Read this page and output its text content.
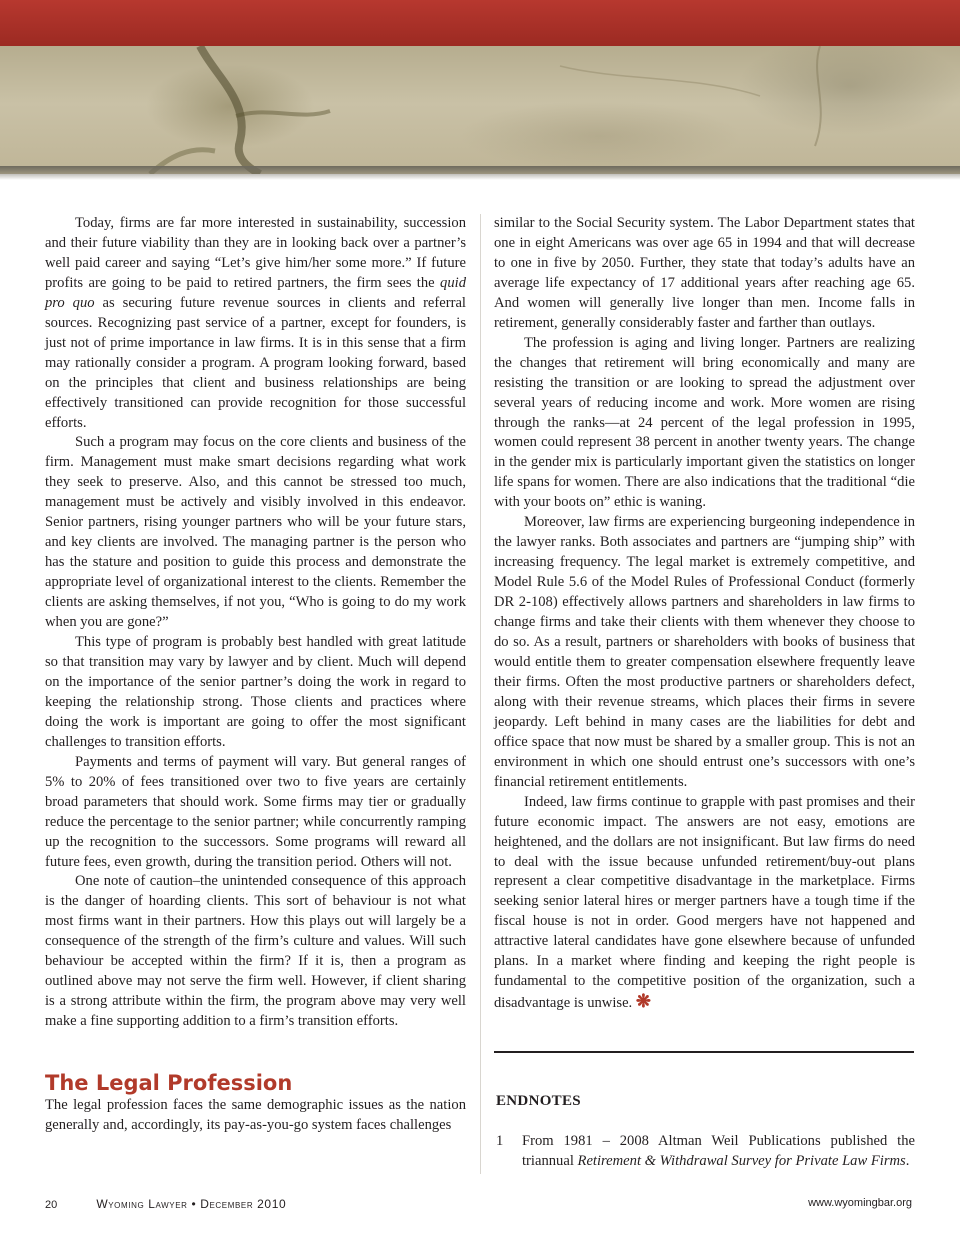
Today, firms are far more interested in sustainability, succession and their future viability than they are in looking back over a partner’s well paid career and saying “Let’s give him/her some more.” If future profits are going to be paid to retired partners, the firm sees the quid pro quo as securing future revenue sources in clients and referral sources. Recognizing past service of a partner, except for founders, is just not of prime importance in law firms. It is in this sense that a firm may rationally consider a program. A program looking forward, based on the principles that client and business relationships are being effectively transitioned can provide recognition for those successful efforts.

Such a program may focus on the core clients and business of the firm. Management must make smart decisions regarding what work they seek to preserve. Also, and this cannot be stressed too much, management must be actively and visibly involved in this endeavor. Senior partners, rising younger partners who will be your future stars, and key clients are involved. The managing partner is the person who has the stature and position to guide this process and demonstrate the appropriate level of organizational interest to the clients. Remember the clients are asking themselves, if not you, “Who is going to do my work when you are gone?”

This type of program is probably best handled with great latitude so that transition may vary by lawyer and by client. Much will depend on the importance of the senior partner’s doing the work in regard to keeping the relationship strong. Those clients and practices where doing the work is important are going to offer the most significant challenges to transition efforts.

Payments and terms of payment will vary. But general ranges of 5% to 20% of fees transitioned over two to five years are certainly broad parameters that should work. Some firms may tier or gradually reduce the percentage to the senior partner; while concurrently ramping up the recognition to the successors. Some programs will reward all future fees, even growth, during the transition period. Others will not.

One note of caution–the unintended consequence of this approach is the danger of hoarding clients. This sort of behaviour is not what most firms want in their partners. How this plays out will largely be a consequence of the strength of the firm’s culture and values. Will such behaviour be accepted within the firm? If it is, then a program as outlined above may not serve the firm well. However, if client sharing is a strong attribute within the firm, the program above may very well make a fine supporting addition to a firm’s transition efforts.

The Legal Profession

The legal profession faces the same demographic issues as the nation generally and, accordingly, its pay-as-you-go system faces challenges

similar to the Social Security system. The Labor Department states that one in eight Americans was over age 65 in 1994 and that will decrease to one in five by 2050. Further, they state that today’s adults have an average life expectancy of 17 additional years after reaching age 65. And women will generally live longer than men. Income falls in retirement, generally considerably faster and farther than outlays.

The profession is aging and living longer. Partners are realizing the changes that retirement will bring economically and many are resisting the transition or are looking to spread the adjustment over several years of reducing income and work. More women are rising through the ranks—at 24 percent of the legal profession in 1995, women could represent 38 percent in another twenty years. The change in the gender mix is particularly important given the statistics on longer life spans for women. There are also indications that the traditional “die with your boots on” ethic is waning.

Moreover, law firms are experiencing burgeoning independence in the lawyer ranks. Both associates and partners are “jumping ship” with increasing frequency. The legal market is extremely competitive, and Model Rule 5.6 of the Model Rules of Professional Conduct (formerly DR 2-108) effectively allows partners and shareholders in law firms to change firms and take their clients with them whenever they choose to do so. As a result, partners or shareholders with books of business that would entitle them to greater compensation elsewhere frequently leave their firms. Often the most productive partners or shareholders defect, along with their revenue streams, which places their firms in severe jeopardy. Left behind in many cases are the liabilities for debt and office space that now must be shared by a smaller group. This is not an environment in which one should entrust one’s successors with one’s financial retirement entitlements.

Indeed, law firms continue to grapple with past promises and their future economic impact. The answers are not easy, emotions are heightened, and the dollars are not insignificant. But law firms do need to deal with the issue because unfunded retirement/buy-out plans represent a clear competitive disadvantage in the marketplace. Firms seeking senior lateral hires or merger partners have a tough time if the fiscal house is not in order. Good mergers have not happened and attractive lateral candidates have gone elsewhere because of unfunded plans. In a market where finding and keeping the right people is fundamental to the competitive position of the organization, such a disadvantage is unwise. ❋

ENDNOTES
1 From 1981 – 2008 Altman Weil Publications published the triannual Retirement & Withdrawal Survey for Private Law Firms.
20	Wyoming Lawyer • December 2010	www.wyomingbar.org
